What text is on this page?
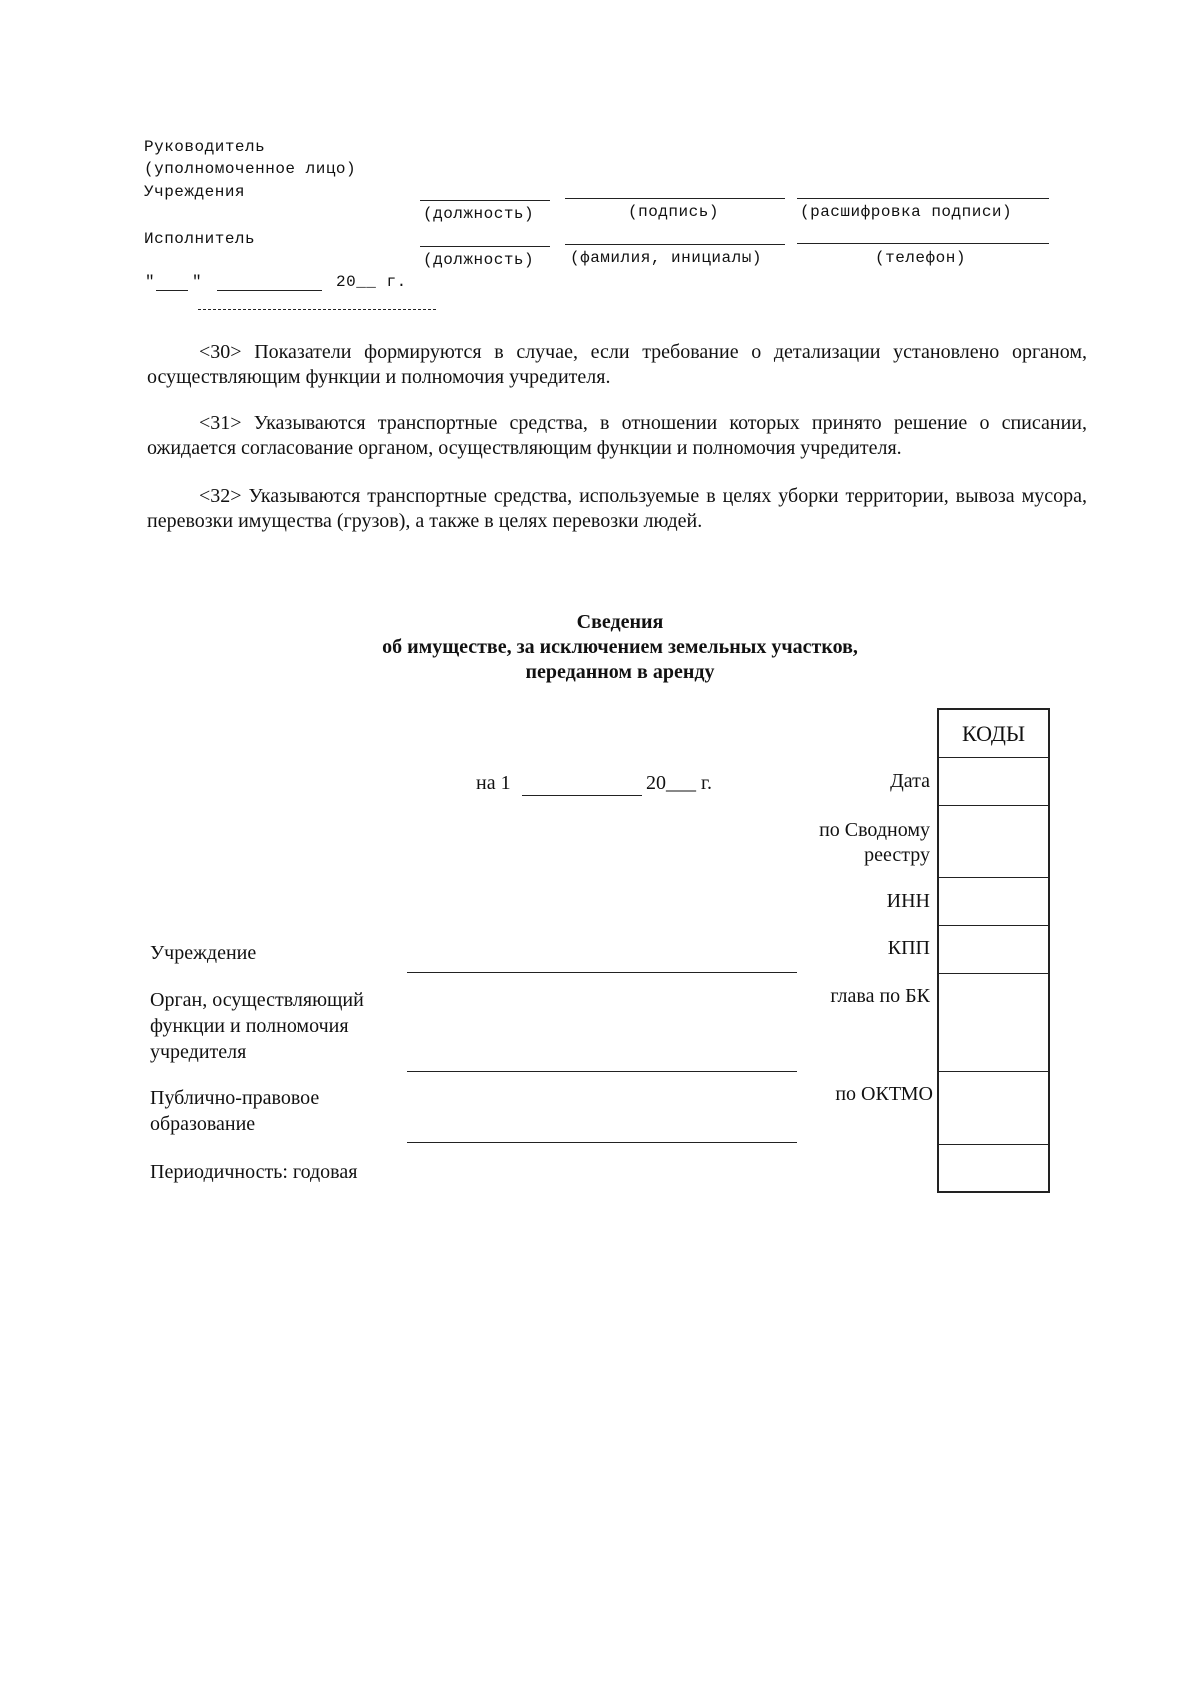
Руководитель
(уполномоченное лицо)
Учреждения
(должность)	(подпись)	(расшифровка подписи)
Исполнитель
(должность) (фамилия, инициалы)	(телефон)
" "	20__ г.
<30> Показатели формируются в случае, если требование о детализации установлено органом, осуществляющим функции и полномочия учредителя.
<31> Указываются транспортные средства, в отношении которых принято решение о списании, ожидается согласование органом, осуществляющим функции и полномочия учредителя.
<32> Указываются транспортные средства, используемые в целях уборки территории, вывоза мусора, перевозки имущества (грузов), а также в целях перевозки людей.
Сведения
об имуществе, за исключением земельных участков,
переданном в аренду
на 1	20___ г.
КОДЫ
Дата
по Сводному
реестру
ИНН
КПП
глава по БК
по ОКТМО
Учреждение
Орган, осуществляющий
функции и полномочия
учредителя
Публично-правовое
образование
Периодичность: годовая
